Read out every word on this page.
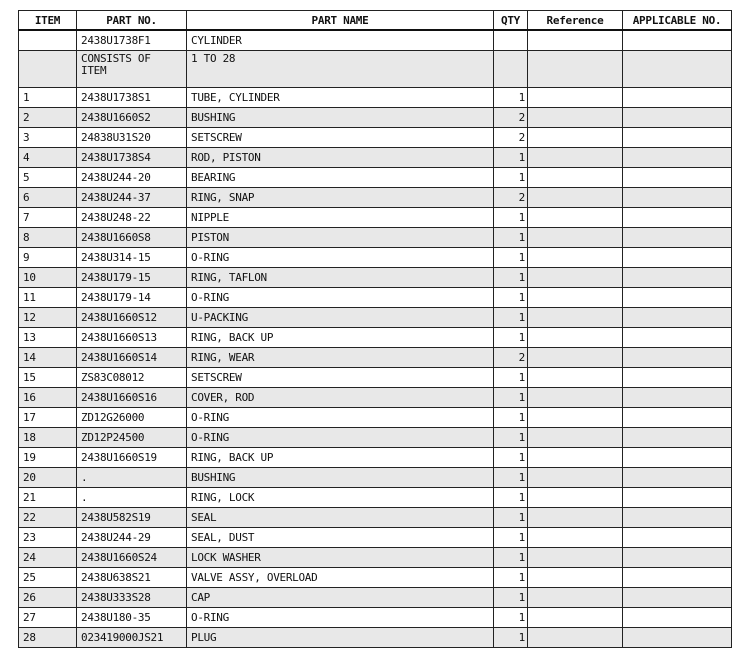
ITEM	PART NO.	PART NAME	QTY	Reference	APPLICABLE NO.
	2438U1738F1	CYLINDER			
	CONSISTS OF ITEM	1 TO 28			
1	2438U1738S1	TUBE, CYLINDER	1		
2	2438U1660S2	BUSHING	2		
3	24838U31S20	SETSCREW	2		
4	2438U1738S4	ROD, PISTON	1		
5	2438U244-20	BEARING	1		
6	2438U244-37	RING, SNAP	2		
7	2438U248-22	NIPPLE	1		
8	2438U1660S8	PISTON	1		
9	2438U314-15	O-RING	1		
10	2438U179-15	RING, TAFLON	1		
11	2438U179-14	O-RING	1		
12	2438U1660S12	U-PACKING	1		
13	2438U1660S13	RING, BACK UP	1		
14	2438U1660S14	RING, WEAR	2		
15	ZS83C08012	SETSCREW	1		
16	2438U1660S16	COVER, ROD	1		
17	ZD12G26000	O-RING	1		
18	ZD12P24500	O-RING	1		
19	2438U1660S19	RING, BACK UP	1		
20	.	BUSHING	1		
21	.	RING, LOCK	1		
22	2438U582S19	SEAL	1		
23	2438U244-29	SEAL, DUST	1		
24	2438U1660S24	LOCK WASHER	1		
25	2438U638S21	VALVE ASSY, OVERLOAD	1		
26	2438U333S28	CAP	1		
27	2438U180-35	O-RING	1		
28	023419000JS21	PLUG	1		
